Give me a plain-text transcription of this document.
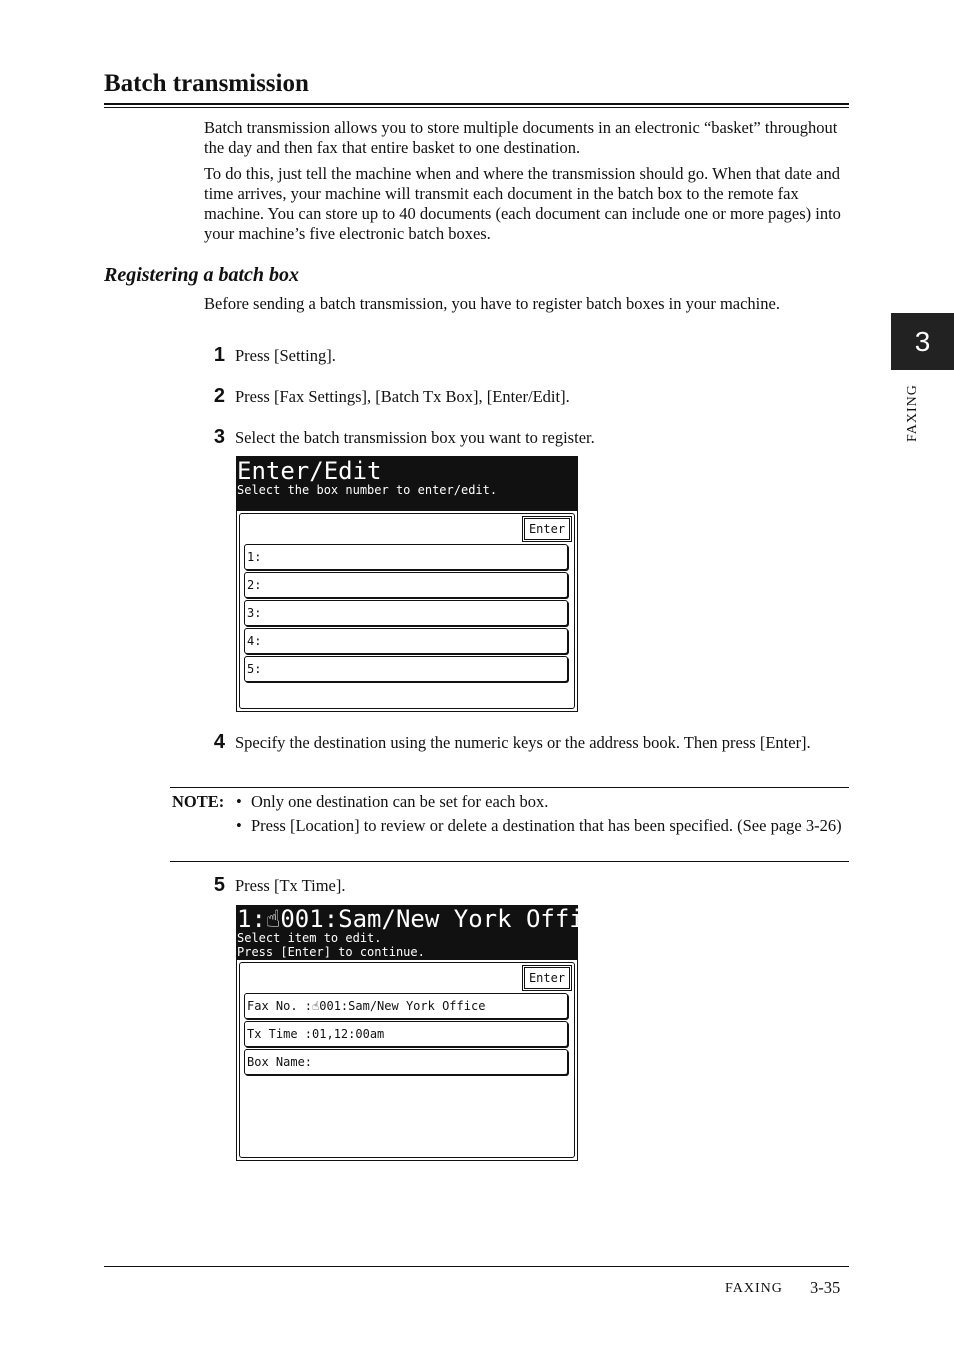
Batch transmission

Batch transmission allows you to store multiple documents in an electronic “basket” throughout the day and then fax that entire basket to one destination.

To do this, just tell the machine when and where the transmission should go. When that date and time arrives, your machine will transmit each document in the batch box to the remote fax machine. You can store up to 40 documents (each document can include one or more pages) into your machine’s five electronic batch boxes.

Registering a batch box

Before sending a batch transmission, you have to register batch boxes in your machine.

1 Press [Setting].

2 Press [Fax Settings], [Batch Tx Box], [Enter/Edit].

3 Select the batch transmission box you want to register.

Enter/Edit
Select the box number to enter/edit.
Enter
1:
2:
3:
4:
5:
4 Specify the destination using the numeric keys or the address book. Then press [Enter].

NOTE: • Only one destination can be set for each box.

• Press [Location] to review or delete a destination that has been specified. (See page 3-26)

5 Press [Tx Time].

1:☝001:Sam/New York Offic
Select item to edit.
Press [Enter] to continue.
Enter
Fax No. :☝001:Sam/New York Office
Tx Time :01,12:00am
Box Name:
3
FAXING
FAXING 3-35
